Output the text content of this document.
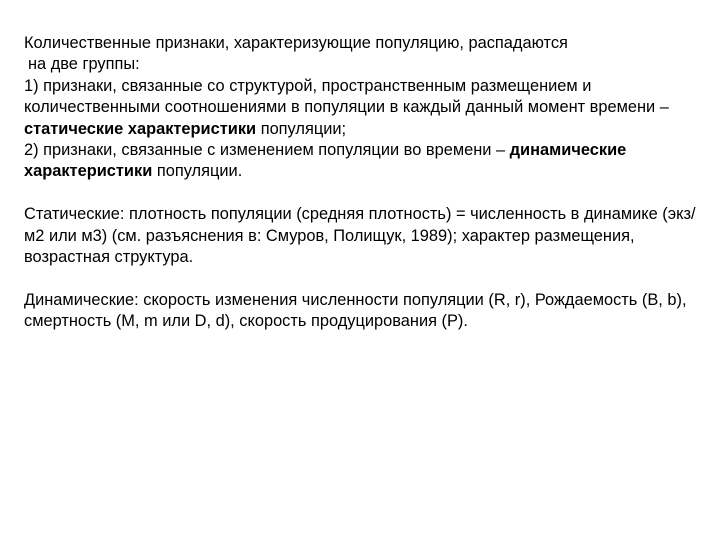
Количественные признаки, характеризующие популяцию, распадаются

на две группы:

1) признаки, связанные со структурой, пространственным размещением и количественными соотношениями в популяции в каждый данный момент времени – статические характеристики популяции;

2) признаки, связанные с изменением популяции во времени – динамические характеристики популяции.

Статические: плотность популяции (средняя плотность) = численность в динамике (экз/м2 или м3) (см. разъяснения в: Смуров, Полищук, 1989); характер размещения, возрастная структура.

Динамические: скорость изменения численности популяции (R, r), Рождаемость (B, b), смертность (M, m или D, d), скорость продуцирования (P).
